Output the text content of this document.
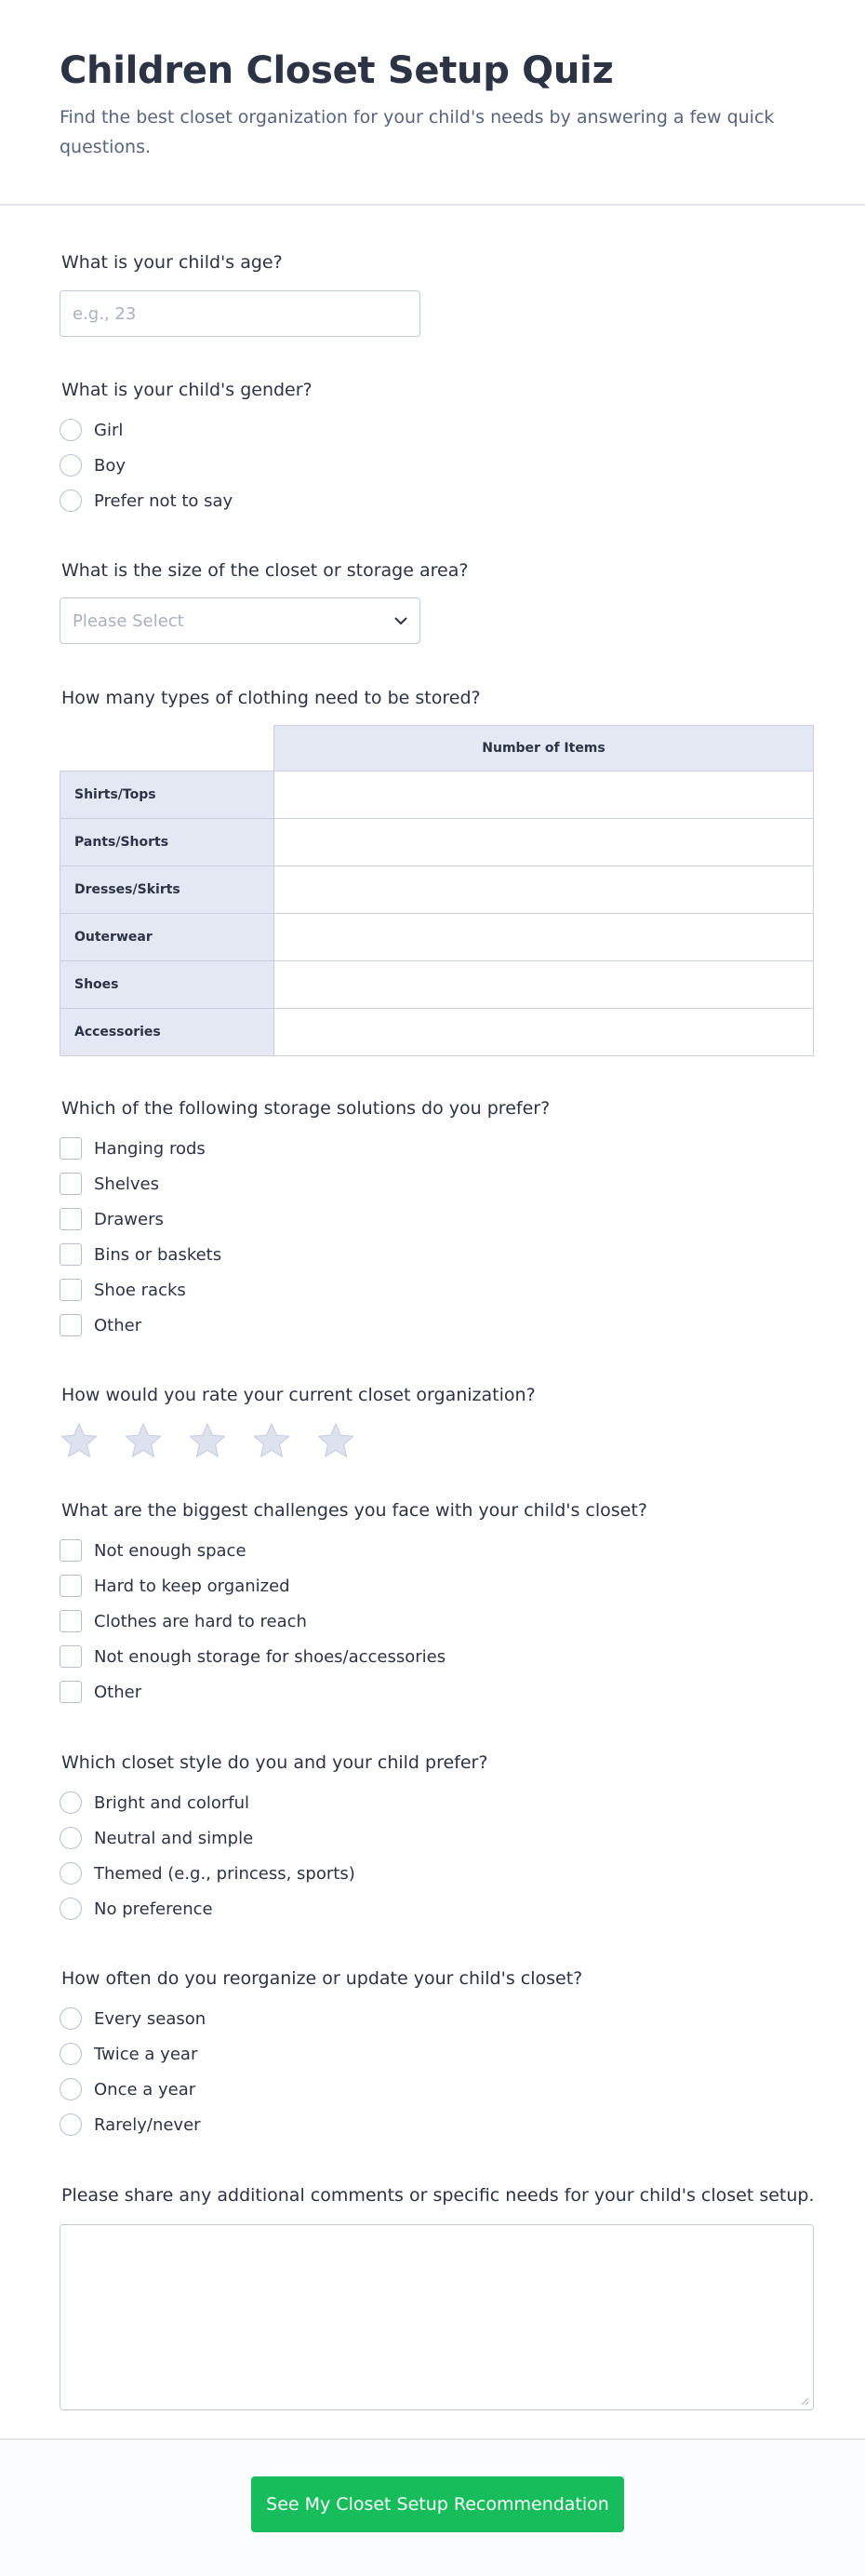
Children Closet Setup Quiz

Find the best closet organization for your child's needs by answering a few quick questions.

What is your child's age?
e.g., 23
What is your child's gender?
Girl
Boy
Prefer not to say
What is the size of the closet or storage area?
Please Select
How many types of clothing need to be stored?
	Number of Items
Shirts/Tops	
Pants/Shorts	
Dresses/Skirts	
Outerwear	
Shoes	
Accessories	
Which of the following storage solutions do you prefer?
Hanging rods
Shelves
Drawers
Bins or baskets
Shoe racks
Other
How would you rate your current closet organization?
What are the biggest challenges you face with your child's closet?
Not enough space
Hard to keep organized
Clothes are hard to reach
Not enough storage for shoes/accessories
Other
Which closet style do you and your child prefer?
Bright and colorful
Neutral and simple
Themed (e.g., princess, sports)
No preference
How often do you reorganize or update your child's closet?
Every season
Twice a year
Once a year
Rarely/never
Please share any additional comments or specific needs for your child's closet setup.
See My Closet Setup Recommendation
